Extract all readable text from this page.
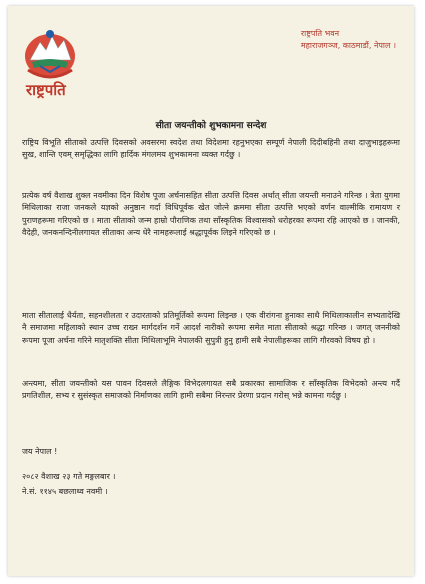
राष्ट्रपति
राष्ट्रपति भवन
महाराजगञ्ज, काठमाडौं, नेपाल ।
सीता जयन्तीको शुभकामना सन्देश
राष्ट्रिय विभूति सीताको उत्पत्ति दिवसको अवसरमा स्वदेश तथा विदेशमा रहनुभएका सम्पूर्ण नेपाली दिदीबहिनी तथा दाजुभाइहरूमा सुख, शान्ति एवम् समृद्धिका लागि हार्दिक मंगलमय शुभकामना व्यक्त गर्दछु ।
प्रत्येक वर्ष वैशाख शुक्ल नवमीका दिन विशेष पूजा अर्चनासहित सीता उत्पत्ति दिवस अर्थात् सीता जयन्ती मनाउने गरिन्छ । त्रेता युगमा मिथिलाका राजा जनकले यज्ञको अनुष्ठान गर्दा विधिपूर्वक खेत जोत्ने क्रममा सीता उत्पत्ति भएको वर्णन वाल्मीकि रामायण र पुराणहरूमा गरिएको छ । माता सीताको जन्म हाम्रो पौराणिक तथा साँस्कृतिक विश्वासको धरोहरका रूपमा रहि आएको छ । जानकी, वैदेही, जनकनन्दिनीलगायत सीताका अन्य धेरै नामहरूलाई श्रद्धापूर्वक लिइने गरिएको छ ।
माता सीतालाई धैर्यता, सहनशीलता र उदारताको प्रतिमूर्तिको रूपमा लिइन्छ । एक वीरांगना हुनाका साथै मिथिलाकालीन सभ्यतादेखि नै समाजमा महिलाको स्थान उच्च राख्न मार्गदर्शन गर्ने आदर्श नारीको रूपमा समेत माता सीताको श्रद्धा गरिन्छ । जगत् जननीको रूपमा पूजा अर्चना गरिने मातृशक्ति सीता मिथिलाभूमि नेपालकी सुपुत्री हुनु हामी सबै नेपालीहरूका लागि गौरवको विषय हो ।
अन्त्यमा, सीता जयन्तीको यस पावन दिवसले लैङ्गिक विभेदलगायत सबै प्रकारका सामाजिक र साँस्कृतिक विभेदको अन्त्य गर्दै प्रगतिशील, सभ्य र सुसंस्कृत समाजको निर्माणका लागि हामी सबैमा निरन्तर प्रेरणा प्रदान गरोस् भन्ने कामना गर्दछु ।
जय नेपाल !
२०८२ वैशाख २३ गते मङ्गलबार ।
ने.सं. ११४५ बछलाथ्व नवमी ।
